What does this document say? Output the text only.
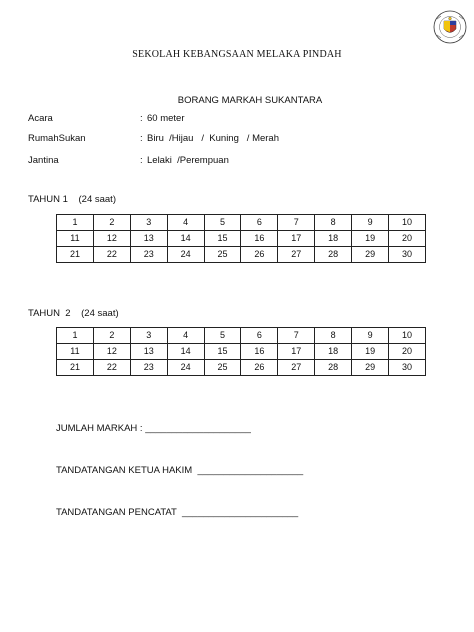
SEKOLAH KEBANGSAAN MELAKA PINDAH
BORANG MARKAH SUKANTARA
Acara	: 60 meter
RumahSukan	: Biru  /Hijau   /  Kuning   / Merah
Jantina	: Lelaki  /Perempuan
TAHUN 1    (24 saat)
1	2	3	4	5	6	7	8	9	10
11	12	13	14	15	16	17	18	19	20
21	22	23	24	25	26	27	28	29	30
TAHUN  2    (24 saat)
1	2	3	4	5	6	7	8	9	10
11	12	13	14	15	16	17	18	19	20
21	22	23	24	25	26	27	28	29	30
JUMLAH MARKAH : ____________________
TANDATANGAN KETUA HAKIM  ____________________
TANDATANGAN PENCATAT  ______________________
